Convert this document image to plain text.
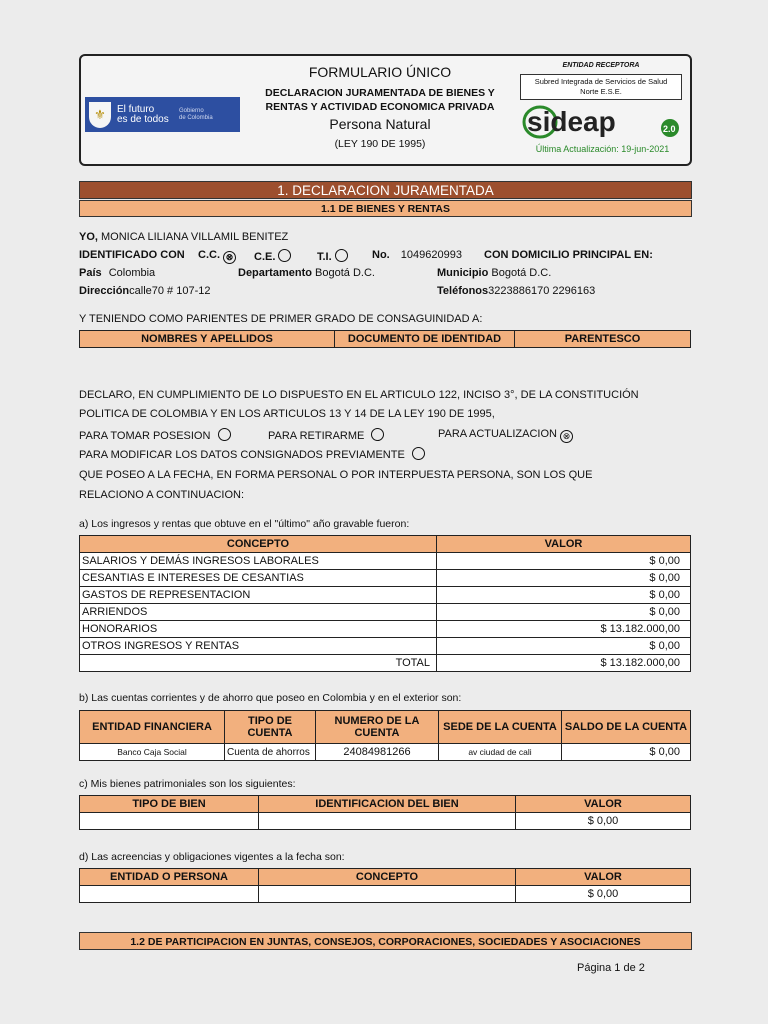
⚜	El futuro
es de todos
Gobierno
de Colombia
FORMULARIO ÚNICO
DECLARACION JURAMENTADA DE BIENES Y
RENTAS Y ACTIVIDAD ECONOMICA PRIVADA
Persona Natural
(LEY 190 DE 1995)
ENTIDAD RECEPTORA
Subred Integrada de Servicios de Salud
Norte E.S.E.
sideap	2.0
Última Actualización: 19-jun-2021
1. DECLARACION JURAMENTADA
1.1 DE BIENES Y RENTAS
YO, MONICA LILIANA VILLAMIL BENITEZ
IDENTIFICADO CON C.C. ⊗ C.E.	T.I.	No. 1049620993 CON DOMICILIO PRINCIPAL EN:
País Colombia	Departamento Bogotá D.C.	Municipio Bogotá D.C.
Direccióncalle70 # 107-12	Teléfonos3223886170 2296163
Y TENIENDO COMO PARIENTES DE PRIMER GRADO DE CONSAGUINIDAD A:
NOMBRES Y APELLIDOS	DOCUMENTO DE IDENTIDAD	PARENTESCO
DECLARO, EN CUMPLIMIENTO DE LO DISPUESTO EN EL ARTICULO 122, INCISO 3°, DE LA CONSTITUCIÓN
POLITICA DE COLOMBIA Y EN LOS ARTICULOS 13 Y 14 DE LA LEY 190 DE 1995,
PARA TOMAR POSESION	PARA RETIRARME	PARA ACTUALIZACION ⊗
PARA MODIFICAR LOS DATOS CONSIGNADOS PREVIAMENTE
QUE POSEO A LA FECHA, EN FORMA PERSONAL O POR INTERPUESTA PERSONA, SON LOS QUE
RELACIONO A CONTINUACION:
a) Los ingresos y rentas que obtuve en el "último" año gravable fueron:
CONCEPTO	VALOR
SALARIOS Y DEMÁS INGRESOS LABORALES	$ 0,00
CESANTIAS E INTERESES DE CESANTIAS	$ 0,00
GASTOS DE REPRESENTACION	$ 0,00
ARRIENDOS	$ 0,00
HONORARIOS	$ 13.182.000,00
OTROS INGRESOS Y RENTAS	$ 0,00
TOTAL	$ 13.182.000,00
b) Las cuentas corrientes y de ahorro que poseo en Colombia y en el exterior son:
ENTIDAD FINANCIERA	TIPO DE CUENTA	NUMERO DE LA CUENTA	SEDE DE LA CUENTA	SALDO DE LA CUENTA
Banco Caja Social	Cuenta de ahorros	24084981266	av ciudad de cali	$ 0,00
c) Mis bienes patrimoniales son los siguientes:
TIPO DE BIEN	IDENTIFICACION DEL BIEN	VALOR
		$ 0,00
d) Las acreencias y obligaciones vigentes a la fecha son:
ENTIDAD O PERSONA	CONCEPTO	VALOR
		$ 0,00
1.2 DE PARTICIPACION EN JUNTAS, CONSEJOS, CORPORACIONES, SOCIEDADES Y ASOCIACIONES
Página 1 de 2
